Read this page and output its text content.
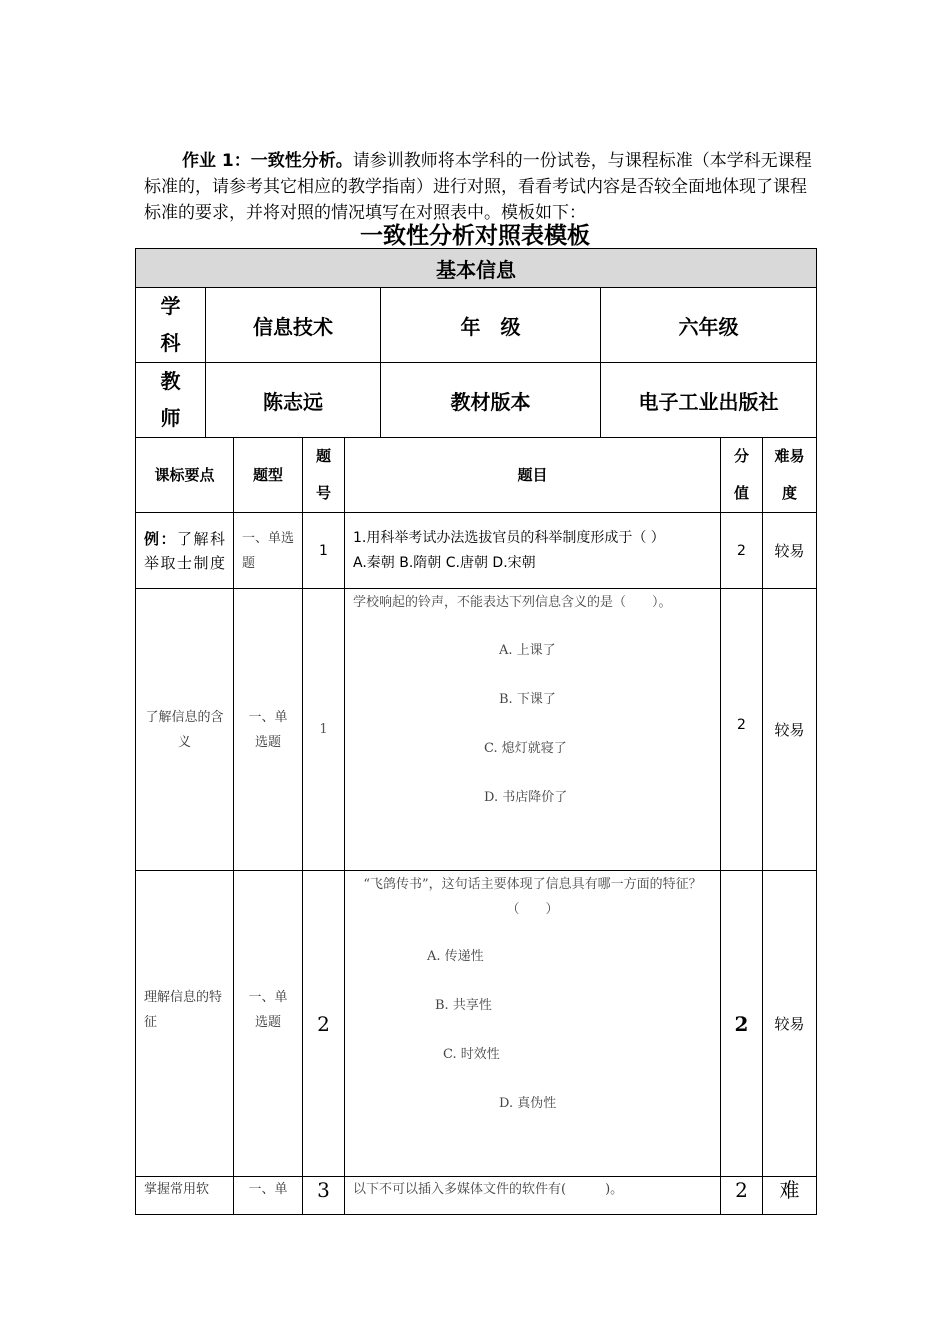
作业 1：一致性分析。请参训教师将本学科的一份试卷，与课程标准（本学科无课程标准的，请参考其它相应的教学指南）进行对照，看看考试内容是否较全面地体现了课程标准的要求，并将对照的情况填写在对照表中。模板如下：
一致性分析对照表模板
基本信息			
学
科	信息技术	年　级	六年级
教
师	陈志远	教材版本	电子工业出版社
课标要点	题型	题
号	题目	分
值	难易
度
例：了解科举取士制度	一、单选题	1	1.用科举考试办法选拔官员的科举制度形成于（ ）
A.秦朝 B.隋朝 C.唐朝 D.宋朝	2	较易
了解信息的含义	一、单选题	1	学校响起的铃声，不能表达下列信息含义的是（　　）。
A. 上课了
B. 下课了
C. 熄灯就寝了
D. 书店降价了	2	较易
理解信息的特征	一、单选题	2	“飞鸽传书”，这句话主要体现了信息具有哪一方面的特征？（　　）
A. 传递性
B. 共享性
C. 时效性
D. 真伪性	2	较易
掌握常用软	一、单	3	以下不可以插入多媒体文件的软件有(　　　)。	2	难
